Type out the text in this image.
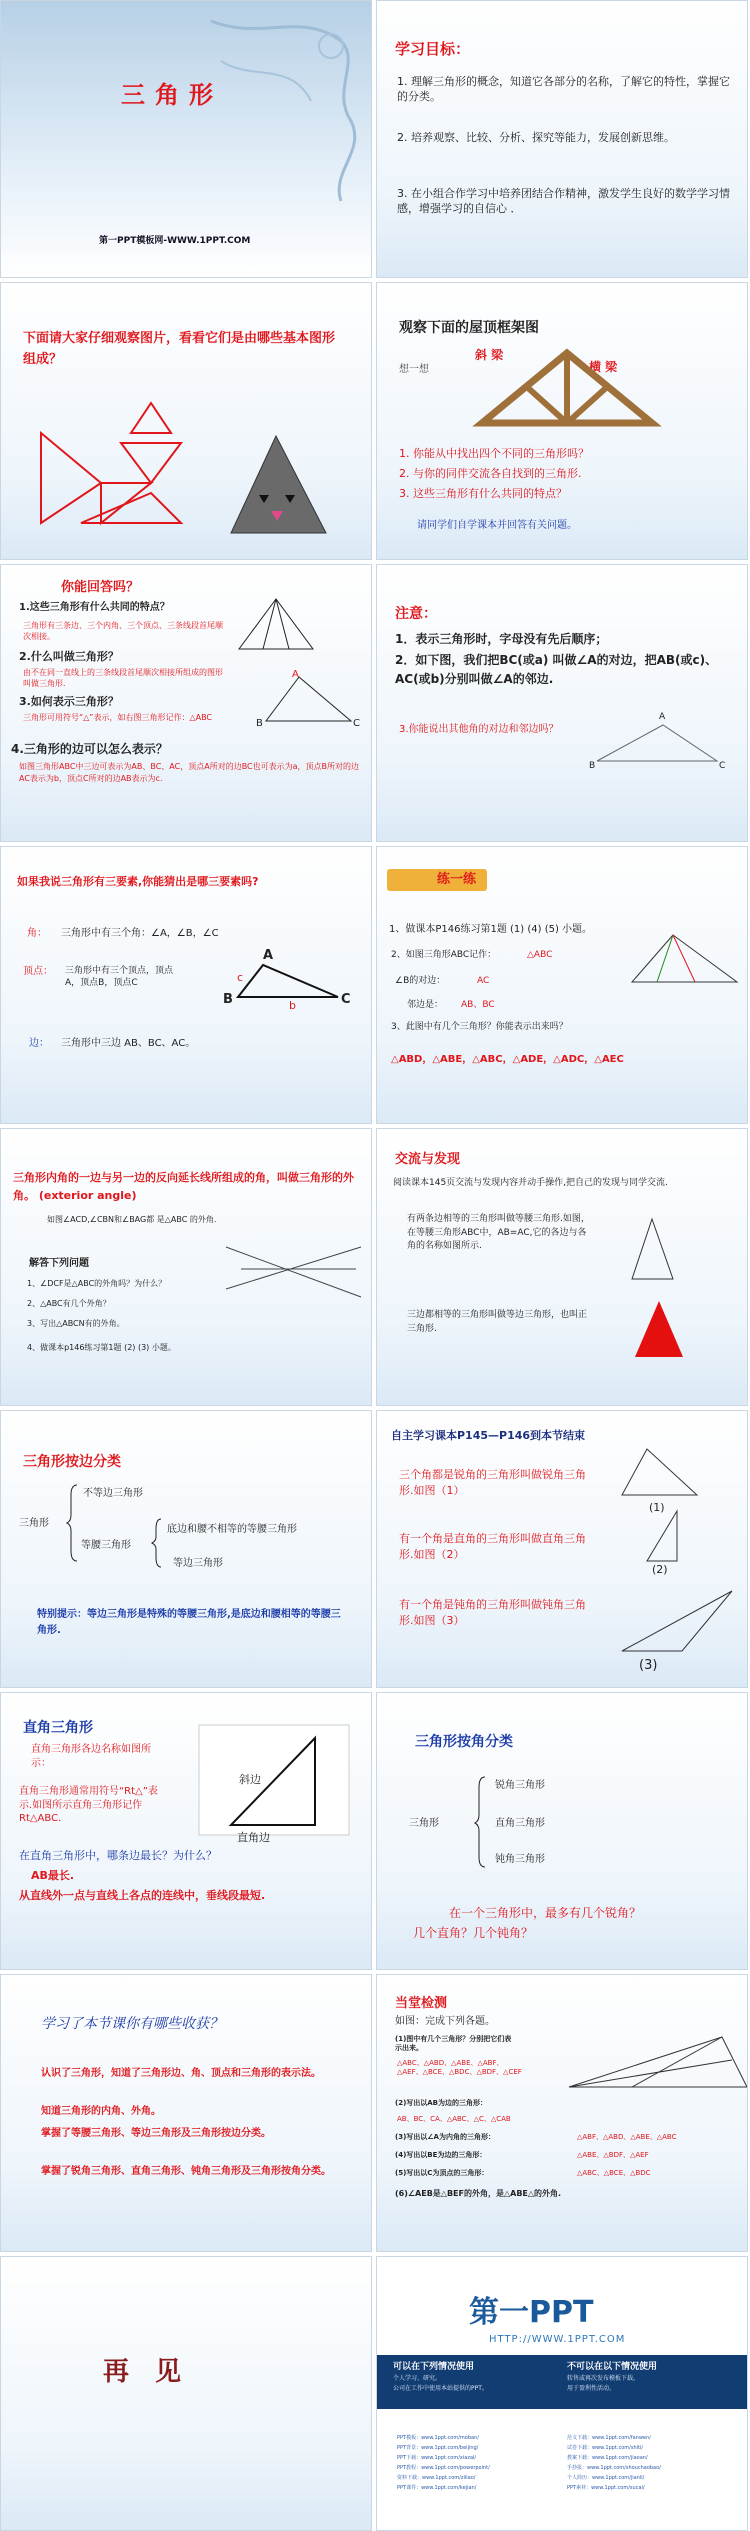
三角形
第一PPT模板网-WWW.1PPT.COM
学习目标：
1. 理解三角形的概念，知道它各部分的名称，了解它的特性，掌握它的分类。
2. 培养观察、比较、分析、探究等能力，发展创新思维。
3. 在小组合作学习中培养团结合作精神，激发学生良好的数学学习情感，增强学习的自信心 ．
下面请大家仔细观察图片，看看它们是由哪些基本图形组成？
观察下面的屋顶框架图
想一想
斜 梁
横 梁
1. 你能从中找出四个不同的三角形吗？
2. 与你的同伴交流各自找到的三角形.
3. 这些三角形有什么共同的特点？
请同学们自学课本并回答有关问题。
你能回答吗？
1.这些三角形有什么共同的特点？
三角形有三条边、三个内角、三个顶点、三条线段首尾顺次相接。
2.什么叫做三角形？
由不在同一直线上的三条线段首尾顺次相接所组成的图形叫做三角形.
3.如何表示三角形？
三角形可用符号“△”表示，如右图三角形记作：△ABC
4.三角形的边可以怎么表示？
如图三角形ABC中三边可表示为AB、BC、AC，顶点A所对的边BC也可表示为a，顶点B所对的边AC表示为b，顶点C所对的边AB表示为c.
A
B	C
注意：
1．表示三角形时，字母没有先后顺序；
2．如下图，我们把BC(或a) 叫做∠A的对边，把AB(或c)、AC(或b)分别叫做∠A的邻边.
3.你能说出其他角的对边和邻边吗？
A
B	C
如果我说三角形有三要素,你能猜出是哪三要素吗?
角： 三角形中有三个角：∠A，∠B，∠C
顶点： 三角形中有三个顶点，顶点A，顶点B，顶点C
边： 三角形中三边 AB、BC、AC。
A
B	C
b
c
练一练
1、做课本P146练习第1题 (1) (4) (5) 小题。
2、如图三角形ABC记作：	△ABC
∠B的对边：	AC
邻边是： AB、BC
3、此图中有几个三角形？你能表示出来吗？
△ABD，△ABE，△ABC，△ADE，△ADC，△AEC
三角形内角的一边与另一边的反向延长线所组成的角，叫做三角形的外角。 (exterior angle)
如图∠ACD,∠CBN和∠BAG都 是△ABC 的外角.
解答下列问题
1、∠DCF是△ABC的外角吗？为什么？
2、△ABC有几个外角？
3、写出△ABCN有的外角。
4、做课本p146练习第1题 (2) (3) 小题。
交流与发现
阅读课本145页交流与发现内容并动手操作,把自己的发现与同学交流.
有两条边相等的三角形叫做等腰三角形.如图，在等腰三角形ABC中，AB=AC,它的各边与各角的名称如图所示.
三边都相等的三角形叫做等边三角形，也叫正三角形.
三角形按边分类
三角形
不等边三角形
等腰三角形
底边和腰不相等的等腰三角形
等边三角形
特别提示：等边三角形是特殊的等腰三角形,是底边和腰相等的等腰三角形.
自主学习课本P145—P146到本节结束
三个角都是锐角的三角形叫做锐角三角形.如图（1）
有一个角是直角的三角形叫做直角三角形.如图（2）
有一个角是钝角的三角形叫做钝角三角形.如图（3）
(1)
(2)
(3)
直角三角形
直角三角形各边名称如图所示：
直角三角形通常用符号“Rt△”表示.如图所示直角三角形记作Rt△ABC.
在直角三角形中，哪条边最长？为什么？
AB最长.
从直线外一点与直线上各点的连线中，垂线段最短.
斜边
直角边
三角形按角分类
三角形
锐角三角形
直角三角形
钝角三角形
在一个三角形中，最多有几个锐角？
几个直角？几个钝角？
学习了本节课你有哪些收获？
认识了三角形，知道了三角形边、角、顶点和三角形的表示法。
知道三角形的内角、外角。
掌握了等腰三角形、等边三角形及三角形按边分类。
掌握了锐角三角形、直角三角形、钝角三角形及三角形按角分类。
当堂检测
如图：完成下列各题。
(1)图中有几个三角形？分别把它们表示出来。
△ABC、△ABD、△ABE、△ABF、△AEF、△BCE、△BDC、△BDF、△CEF
(2)写出以AB为边的三角形：
AB、BC、CA、△ABC、△C、△CAB
(3)写出以∠A为内角的三角形：	△ABF、△ABD、△ABE、△ABC
(4)写出以BE为边的三角形：	△ABE、△BDF、△AEF
(5)写出以C为顶点的三角形：	△ABC、△BCE、△BDC
(6)∠AEB是△BEF的外角，是△ABE△的外角.
再　见
第一PPT
HTTP://WWW.1PPT.COM
可以在下列情况使用
个人学习、研究。
公司在工作中使用本站提供的PPT。
不可以在以下情况使用
转售或再次发布模板下载。
用于盈利性活动。
PPT模板：www.1ppt.com/moban/
PPT背景：www.1ppt.com/beijing/
PPT下载：www.1ppt.com/xiazai/
PPT教程：www.1ppt.com/powerpoint/
资料下载：www.1ppt.com/ziliao/
PPT课件：www.1ppt.com/kejian/
范文下载：www.1ppt.com/fanwen/
试卷下载：www.1ppt.com/shiti/
教案下载：www.1ppt.com/jiaoan/
手抄报：www.1ppt.com/shouchaobao/
个人简历：www.1ppt.com/jianli/
PPT素材：www.1ppt.com/sucai/
